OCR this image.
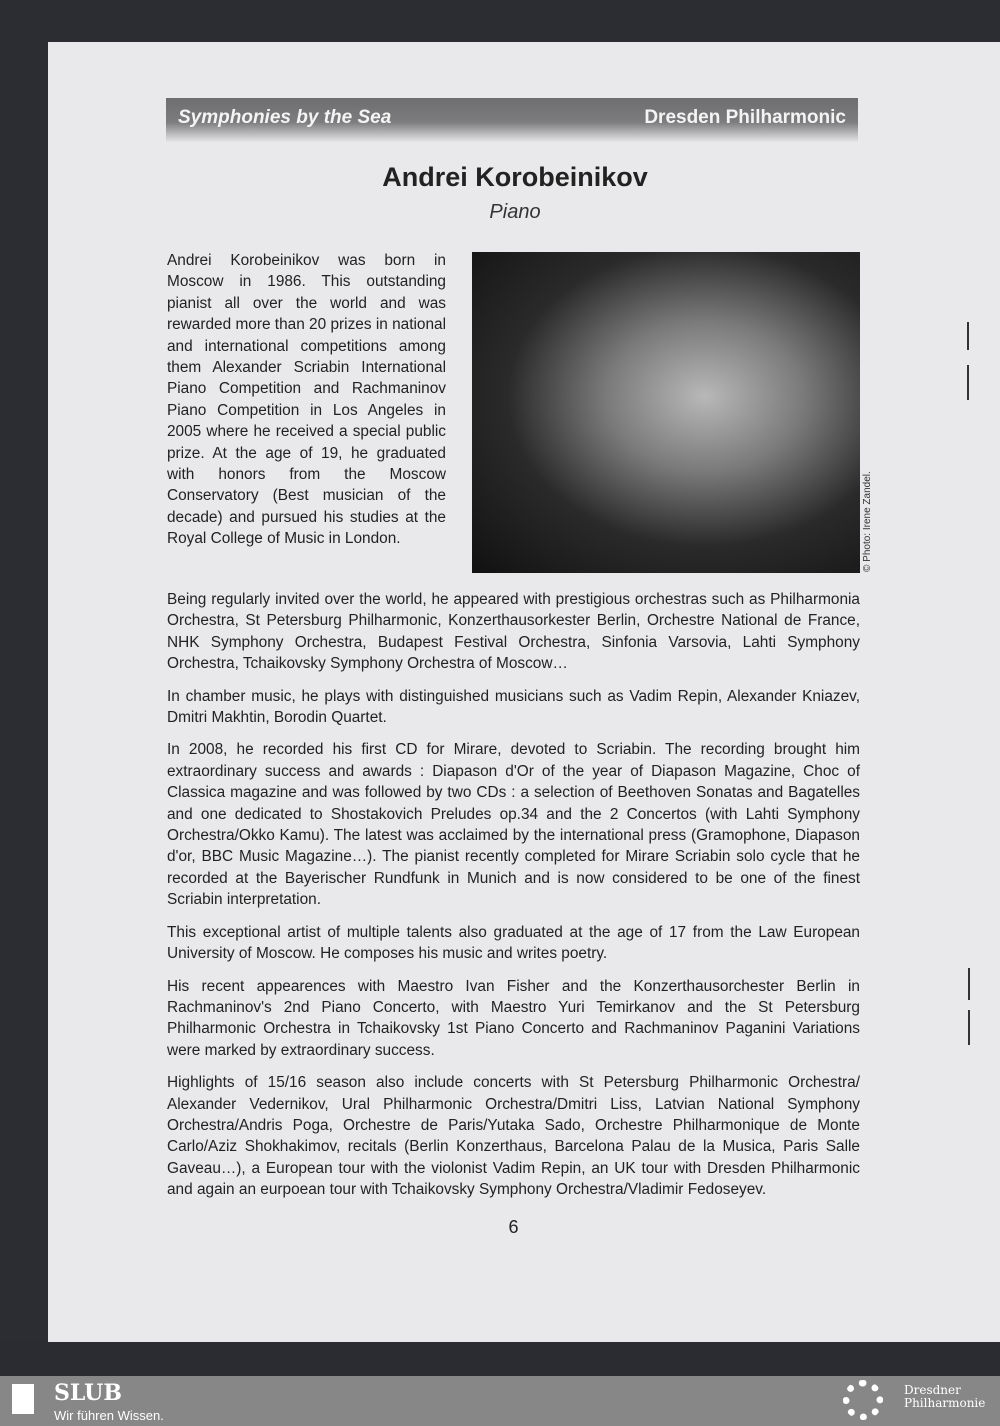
Symphonies by the Sea	Dresden Philharmonic
Andrei Korobeinikov
Piano
Andrei Korobeinikov was born in Moscow in 1986. This outstanding pianist all over the world and was rewarded more than 20 prizes in national and international competitions among them Alexander Scriabin International Piano Competition and Rachmaninov Piano Competition in Los Angeles in 2005 where he received a special public prize. At the age of 19, he graduated with honors from the Moscow Conservatory (Best musician of the decade) and pursued his studies at the Royal College of Music in London.	© Photo: Irene Zandel.

Being regularly invited over the world, he appeared with prestigious orchestras such as Philharmonia Orchestra, St Petersburg Philharmonic, Konzerthausorkester Berlin, Orchestre National de France, NHK Symphony Orchestra, Budapest Festival Orchestra, Sinfonia Varsovia, Lahti Symphony Orchestra, Tchaikovsky Symphony Orchestra of Moscow…

In chamber music, he plays with distinguished musicians such as Vadim Repin, Alexander Kniazev, Dmitri Makhtin, Borodin Quartet.

In 2008, he recorded his first CD for Mirare, devoted to Scriabin. The recording brought him extraordinary success and awards : Diapason d'Or of the year of Diapason Magazine, Choc of Classica magazine and was followed by two CDs : a selection of Beethoven Sonatas and Bagatelles and one dedicated to Shostakovich Preludes op.34 and the 2 Concertos (with Lahti Symphony Orchestra/Okko Kamu). The latest was acclaimed by the international press (Gramophone, Diapason d'or, BBC Music Magazine…). The pianist recently completed for Mirare Scriabin solo cycle that he recorded at the Bayerischer Rundfunk in Munich and is now considered to be one of the finest Scriabin interpretation.

This exceptional artist of multiple talents also graduated at the age of 17 from the Law European University of Moscow. He composes his music and writes poetry.

His recent appearences with Maestro Ivan Fisher and the Konzerthausorchester Berlin in Rachmaninov's 2nd Piano Concerto, with Maestro Yuri Temirkanov and the St Petersburg Philharmonic Orchestra in Tchaikovsky 1st Piano Concerto and Rachmaninov Paganini Variations were marked by extraordinary success.

Highlights of 15/16 season also include concerts with St Petersburg Philharmonic Orchestra/ Alexander Vedernikov, Ural Philharmonic Orchestra/Dmitri Liss, Latvian National Symphony Orchestra/Andris Poga, Orchestre de Paris/Yutaka Sado, Orchestre Philharmonique de Monte Carlo/Aziz Shokhakimov, recitals (Berlin Konzerthaus, Barcelona Palau de la Musica, Paris Salle Gaveau…), a European tour with the violonist Vadim Repin, an UK tour with Dresden Philharmonic and again an eurpoean tour with Tchaikovsky Symphony Orchestra/Vladimir Fedoseyev.

6
SLUB
Wir führen Wissen.
Dresdner
Philharmonie
